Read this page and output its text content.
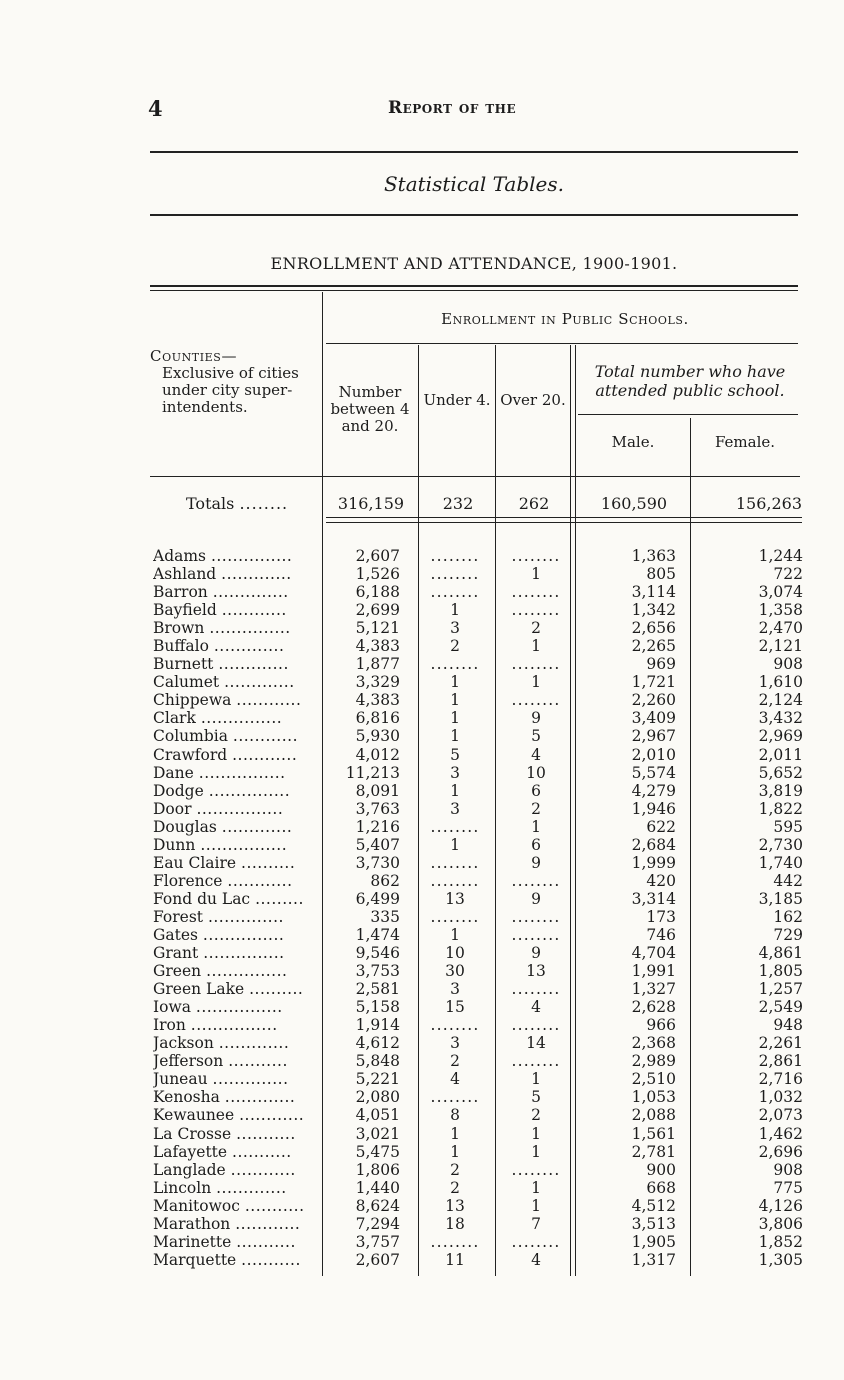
4	Report of the
Statistical Tables.
ENROLLMENT AND ATTENDANCE, 1900-1901.
Enrollment in Public Schools.
Counties—
Exclusive of cities
under city super-
intendents.
Number between 4 and 20.
Under 4. Over 20.
Total number who have attended public school.
Male.	Female.
Totals ........	316,159	232	262	160,590	156,263
Adams ...............	2,607	........	........	1,363	1,244
Ashland .............	1,526	........	1	805	722
Barron ..............	6,188	........	........	3,114	3,074
Bayfield ............	2,699	1	........	1,342	1,358
Brown ...............	5,121	3	2	2,656	2,470
Buffalo .............	4,383	2	1	2,265	2,121
Burnett .............	1,877	........	........	969	908
Calumet .............	3,329	1	1	1,721	1,610
Chippewa ............	4,383	1	........	2,260	2,124
Clark ...............	6,816	1	9	3,409	3,432
Columbia ............	5,930	1	5	2,967	2,969
Crawford ............	4,012	5	4	2,010	2,011
Dane ................	11,213	3	10	5,574	5,652
Dodge ...............	8,091	1	6	4,279	3,819
Door ................	3,763	3	2	1,946	1,822
Douglas .............	1,216	........	1	622	595
Dunn ................	5,407	1	6	2,684	2,730
Eau Claire ..........	3,730	........	9	1,999	1,740
Florence ............	862	........	........	420	442
Fond du Lac .........	6,499	13	9	3,314	3,185
Forest ..............	335	........	........	173	162
Gates ...............	1,474	1	........	746	729
Grant ...............	9,546	10	9	4,704	4,861
Green ...............	3,753	30	13	1,991	1,805
Green Lake ..........	2,581	3	........	1,327	1,257
Iowa ................	5,158	15	4	2,628	2,549
Iron ................	1,914	........	........	966	948
Jackson .............	4,612	3	14	2,368	2,261
Jefferson ...........	5,848	2	........	2,989	2,861
Juneau ..............	5,221	4	1	2,510	2,716
Kenosha .............	2,080	........	5	1,053	1,032
Kewaunee ............	4,051	8	2	2,088	2,073
La Crosse ...........	3,021	1	1	1,561	1,462
Lafayette ...........	5,475	1	1	2,781	2,696
Langlade ............	1,806	2	........	900	908
Lincoln .............	1,440	2	1	668	775
Manitowoc ...........	8,624	13	1	4,512	4,126
Marathon ............	7,294	18	7	3,513	3,806
Marinette ...........	3,757	........	........	1,905	1,852
Marquette ...........	2,607	11	4	1,317	1,305
